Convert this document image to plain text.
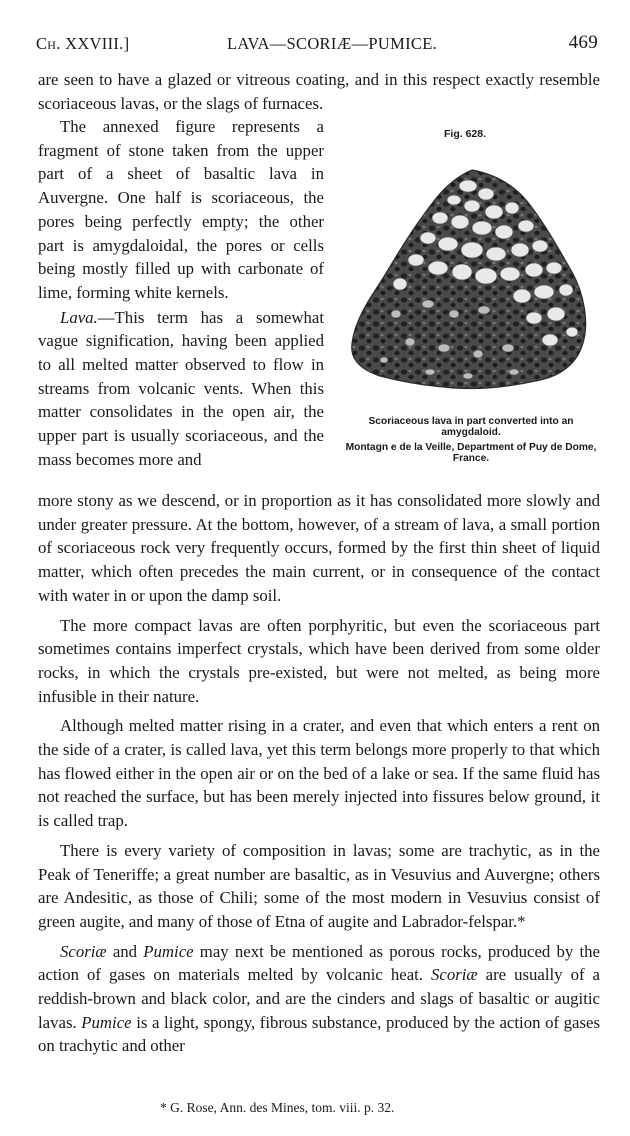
Ch. XXVIII.]	LAVA—SCORIÆ—PUMICE.	469

are seen to have a glazed or vitreous coating, and in this respect exactly resemble scoriaceous lavas, or the slags of furnaces.

The annexed figure represents a fragment of stone taken from the upper part of a sheet of basaltic lava in Auvergne. One half is scoriaceous, the pores being perfectly empty; the other part is amygdaloidal, the pores or cells being mostly filled up with carbonate of lime, forming white kernels.

Lava.—This term has a somewhat vague signification, having been applied to all melted matter observed to flow in streams from volcanic vents. When this matter consolidates in the open air, the upper part is usually scoriaceous, and the mass becomes more and

Fig. 628.
Scoriaceous lava in part converted into an amygdaloid.
Montagn e de la Veille, Department of Puy de Dome, France.

more stony as we descend, or in proportion as it has consolidated more slowly and under greater pressure. At the bottom, however, of a stream of lava, a small portion of scoriaceous rock very frequently occurs, formed by the first thin sheet of liquid matter, which often precedes the main current, or in consequence of the contact with water in or upon the damp soil.

The more compact lavas are often porphyritic, but even the scoriaceous part sometimes contains imperfect crystals, which have been derived from some older rocks, in which the crystals pre-existed, but were not melted, as being more infusible in their nature.

Although melted matter rising in a crater, and even that which enters a rent on the side of a crater, is called lava, yet this term belongs more properly to that which has flowed either in the open air or on the bed of a lake or sea. If the same fluid has not reached the surface, but has been merely injected into fissures below ground, it is called trap.

There is every variety of composition in lavas; some are trachytic, as in the Peak of Teneriffe; a great number are basaltic, as in Vesuvius and Auvergne; others are Andesitic, as those of Chili; some of the most modern in Vesuvius consist of green augite, and many of those of Etna of augite and Labrador-felspar.*

Scoriæ and Pumice may next be mentioned as porous rocks, produced by the action of gases on materials melted by volcanic heat. Scoriæ are usually of a reddish-brown and black color, and are the cinders and slags of basaltic or augitic lavas. Pumice is a light, spongy, fibrous substance, produced by the action of gases on trachytic and other

* G. Rose, Ann. des Mines, tom. viii. p. 32.
